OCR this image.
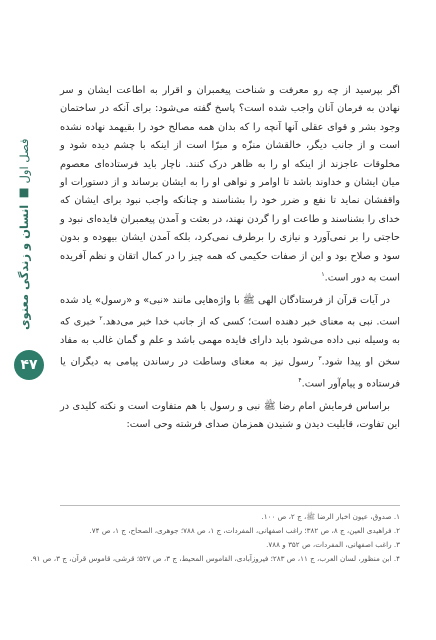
فصل اول ■ انسان و زندگی معنوی
۴۷

اگر بپرسید از چه رو معرفت و شناخت پیغمبران و اقرار به اطاعت ایشان و سر نهادن به فرمان آنان واجب شده است؟ پاسخ گفته می‌شود: برای آنکه در ساختمان وجود بشر و قوای عقلی آنها آنچه را که بدان همه مصالح خود را بقیهمد نهاده نشده است و از جانب دیگر، خالقشان منزّه و مبرّا است از اینکه با چشم دیده شود و مخلوقات عاجزند از اینکه او را به ظاهر درک کنند. ناچار باید فرستاده‌ای معصوم میان ایشان و خداوند باشد تا اوامر و نواهی او را به ایشان برساند و از دستورات او واقفشان نماید تا نفع و ضرر خود را بشناسند و چنانکه واجب نبود برای ایشان که خدای را بشناسند و طاعت او را گردن نهند، در بعثت و آمدن پیغمبران فایده‌ای نبود و حاجتی را بر نمی‌آورد و نیازی را برطرف نمی‌کرد، بلکه آمدن ایشان بیهوده و بدون سود و صلاح بود و این از صفات حکیمی که همه چیز را در کمال اتقان و نظم آفریده است به دور است.$^۱$

در آیات قرآن از فرستادگان الهی ﷺ با واژه‌هایی مانند «نبی» و «رسول» یاد شده است. نبی به معنای خبر دهنده است؛ کسی که از جانب خدا خبر می‌دهد.$^۲$ خبری که به وسیله نبی داده می‌شود باید دارای فایده مهمی باشد و علم و گمان غالب به مفاد سخن او پیدا شود.$^۳$ رسول نیز به معنای وساطت در رساندن پیامی به دیگران یا فرستاده و پیام‌آور است.$^۴$

براساس فرمایش امام رضا ﷺ نبی و رسول با هم متفاوت است و نکته کلیدی در این تفاوت، قابلیت دیدن و شنیدن همزمان صدای فرشته وحی است:

۱. صدوق، عیون اخبار الرضا ﷺ، ج ۲، ص ۱۰۰.
۲. فراهیدی العین، ج ۸، ص ۳۸۲؛ راغب اصفهانی، المفردات، ج ۱، ص ۷۸۸؛ جوهری، الصحاح، ج ۱، ص ۷۴.
۳. راغب اصفهانی، المفردات، ص ۳۵۲ و ۷۸۸.
۴. ابن منظور، لسان العرب، ج ۱۱، ص ۲۸۳؛ فیروزآبادی، القاموس المحیط، ج ۳، ص ۵۲۷؛ قرشی، قاموس قرآن، ج ۳، ص ۹۱.
